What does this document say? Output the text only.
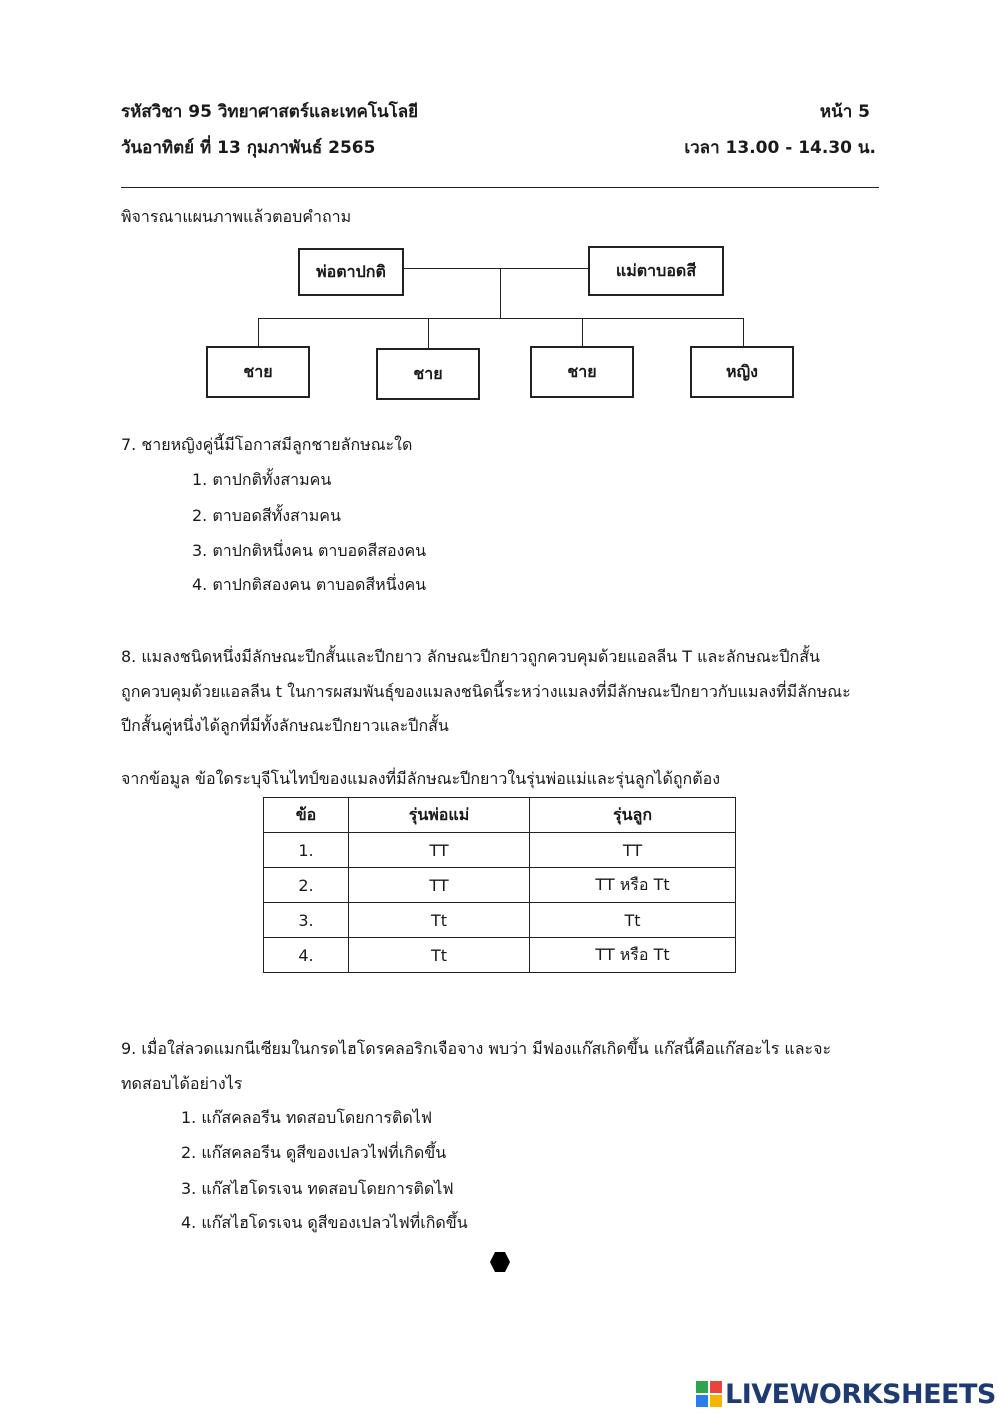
รหัสวิชา 95 วิทยาศาสตร์และเทคโนโลยี	หน้า 5
วันอาทิตย์ ที่ 13 กุมภาพันธ์ 2565	เวลา 13.00 - 14.30 น.
พิจารณาแผนภาพแล้วตอบคำถาม
พ่อตาปกติ	แม่ตาบอดสี
ชาย	ชาย	ชาย	หญิง
7. ชายหญิงคู่นี้มีโอกาสมีลูกชายลักษณะใด
1. ตาปกติทั้งสามคน
2. ตาบอดสีทั้งสามคน
3. ตาปกติหนึ่งคน ตาบอดสีสองคน
4. ตาปกติสองคน ตาบอดสีหนึ่งคน
8. แมลงชนิดหนึ่งมีลักษณะปีกสั้นและปีกยาว ลักษณะปีกยาวถูกควบคุมด้วยแอลลีน T และลักษณะปีกสั้น
ถูกควบคุมด้วยแอลลีน t ในการผสมพันธุ์ของแมลงชนิดนี้ระหว่างแมลงที่มีลักษณะปีกยาวกับแมลงที่มีลักษณะ
ปีกสั้นคู่หนึ่งได้ลูกที่มีทั้งลักษณะปีกยาวและปีกสั้น
จากข้อมูล ข้อใดระบุจีโนไทป์ของแมลงที่มีลักษณะปีกยาวในรุ่นพ่อแม่และรุ่นลูกได้ถูกต้อง
ข้อ	รุ่นพ่อแม่	รุ่นลูก
1.	TT	TT
2.	TT	TT หรือ Tt
3.	Tt	Tt
4.	Tt	TT หรือ Tt
9. เมื่อใส่ลวดแมกนีเซียมในกรดไฮโดรคลอริกเจือจาง พบว่า มีฟองแก๊สเกิดขึ้น แก๊สนี้คือแก๊สอะไร และจะ
ทดสอบได้อย่างไร
1. แก๊สคลอรีน ทดสอบโดยการติดไฟ
2. แก๊สคลอรีน ดูสีของเปลวไฟที่เกิดขึ้น
3. แก๊สไฮโดรเจน ทดสอบโดยการติดไฟ
4. แก๊สไฮโดรเจน ดูสีของเปลวไฟที่เกิดขึ้น
LIVEWORKSHEETS
